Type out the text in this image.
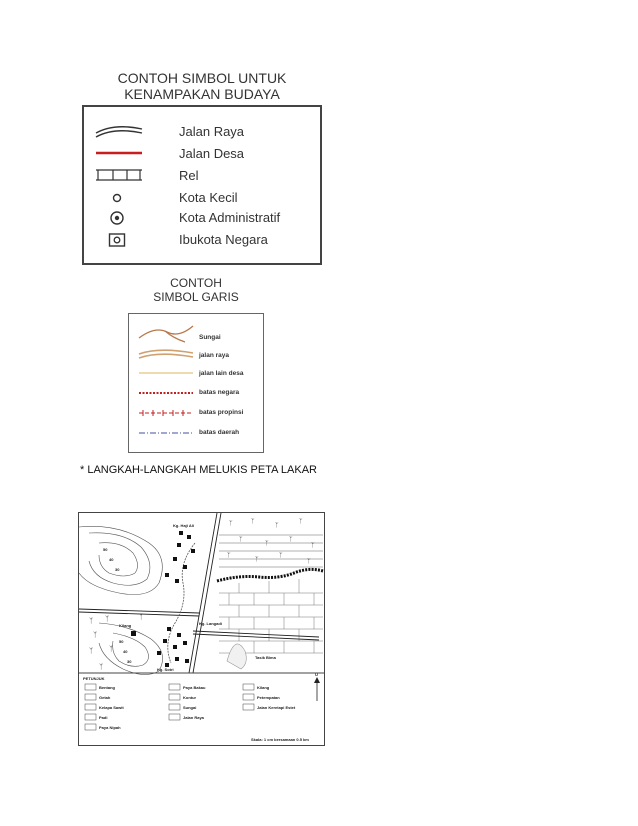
CONTOH SIMBOL UNTUK
KENAMPAKAN BUDAYA
Jalan Raya
Jalan Desa
Rel
Kota Kecil
Kota Administratif
Ibukota Negara
CONTOH
SIMBOL GARIS
Sungai
jalan raya
jalan lain desa
batas negara
batas propinsi
batas daerah
* LANGKAH-LANGKAH MELUKIS PETA LAKAR
ᛉ	ᛉ
ᛉ
ᛉ
ᛉ
ᛉ
ᛉ
ᛉ
ᛉ
ᛉ
ᛉ
ᛉ
ᛉ ᛉ
ᛉ
ᛉ
ᛉ ᛉ
ᛉ
50
40
30
50
40
30
Kg. Haji Ali
Kg. Langadi
Kg. Sotri
Kilang
Tasik Bima
PETUNJUK
Bentang
Getah
Kelapa Sawit
Padi
Paya Nipah
Paya Bakau
Kontur
Sungai
Jalan Raya
Kilang
Petempatan
Jalan Keretapi Estet
Skala: 1 cm bersamaan 0.5 km
U
